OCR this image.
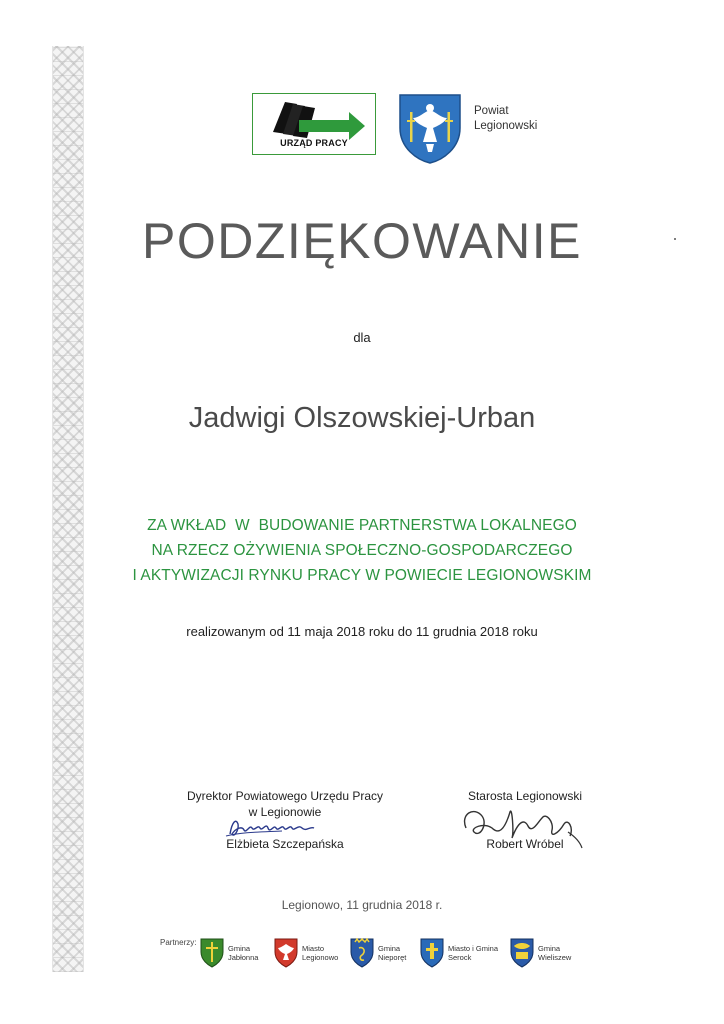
URZĄD PRACY
Powiat
Legionowski
PODZIĘKOWANIE
dla
Jadwigi Olszowskiej-Urban
ZA WKŁAD  W  BUDOWANIE PARTNERSTWA LOKALNEGO
NA RZECZ OŻYWIENIA SPOŁECZNO-GOSPODARCZEGO
I AKTYWIZACJI RYNKU PRACY W POWIECIE LEGIONOWSKIM
realizowanym od 11 maja 2018 roku do 11 grudnia 2018 roku
Dyrektor Powiatowego Urzędu Pracy
w Legionowie
Elżbieta Szczepańska
Starosta Legionowski
Robert Wróbel
Legionowo, 11 grudnia 2018 r.
Partnerzy:
Gmina
Jabłonna
Miasto
Legionowo
Gmina
Nieporęt
Miasto i Gmina
Serock
Gmina
Wieliszew
